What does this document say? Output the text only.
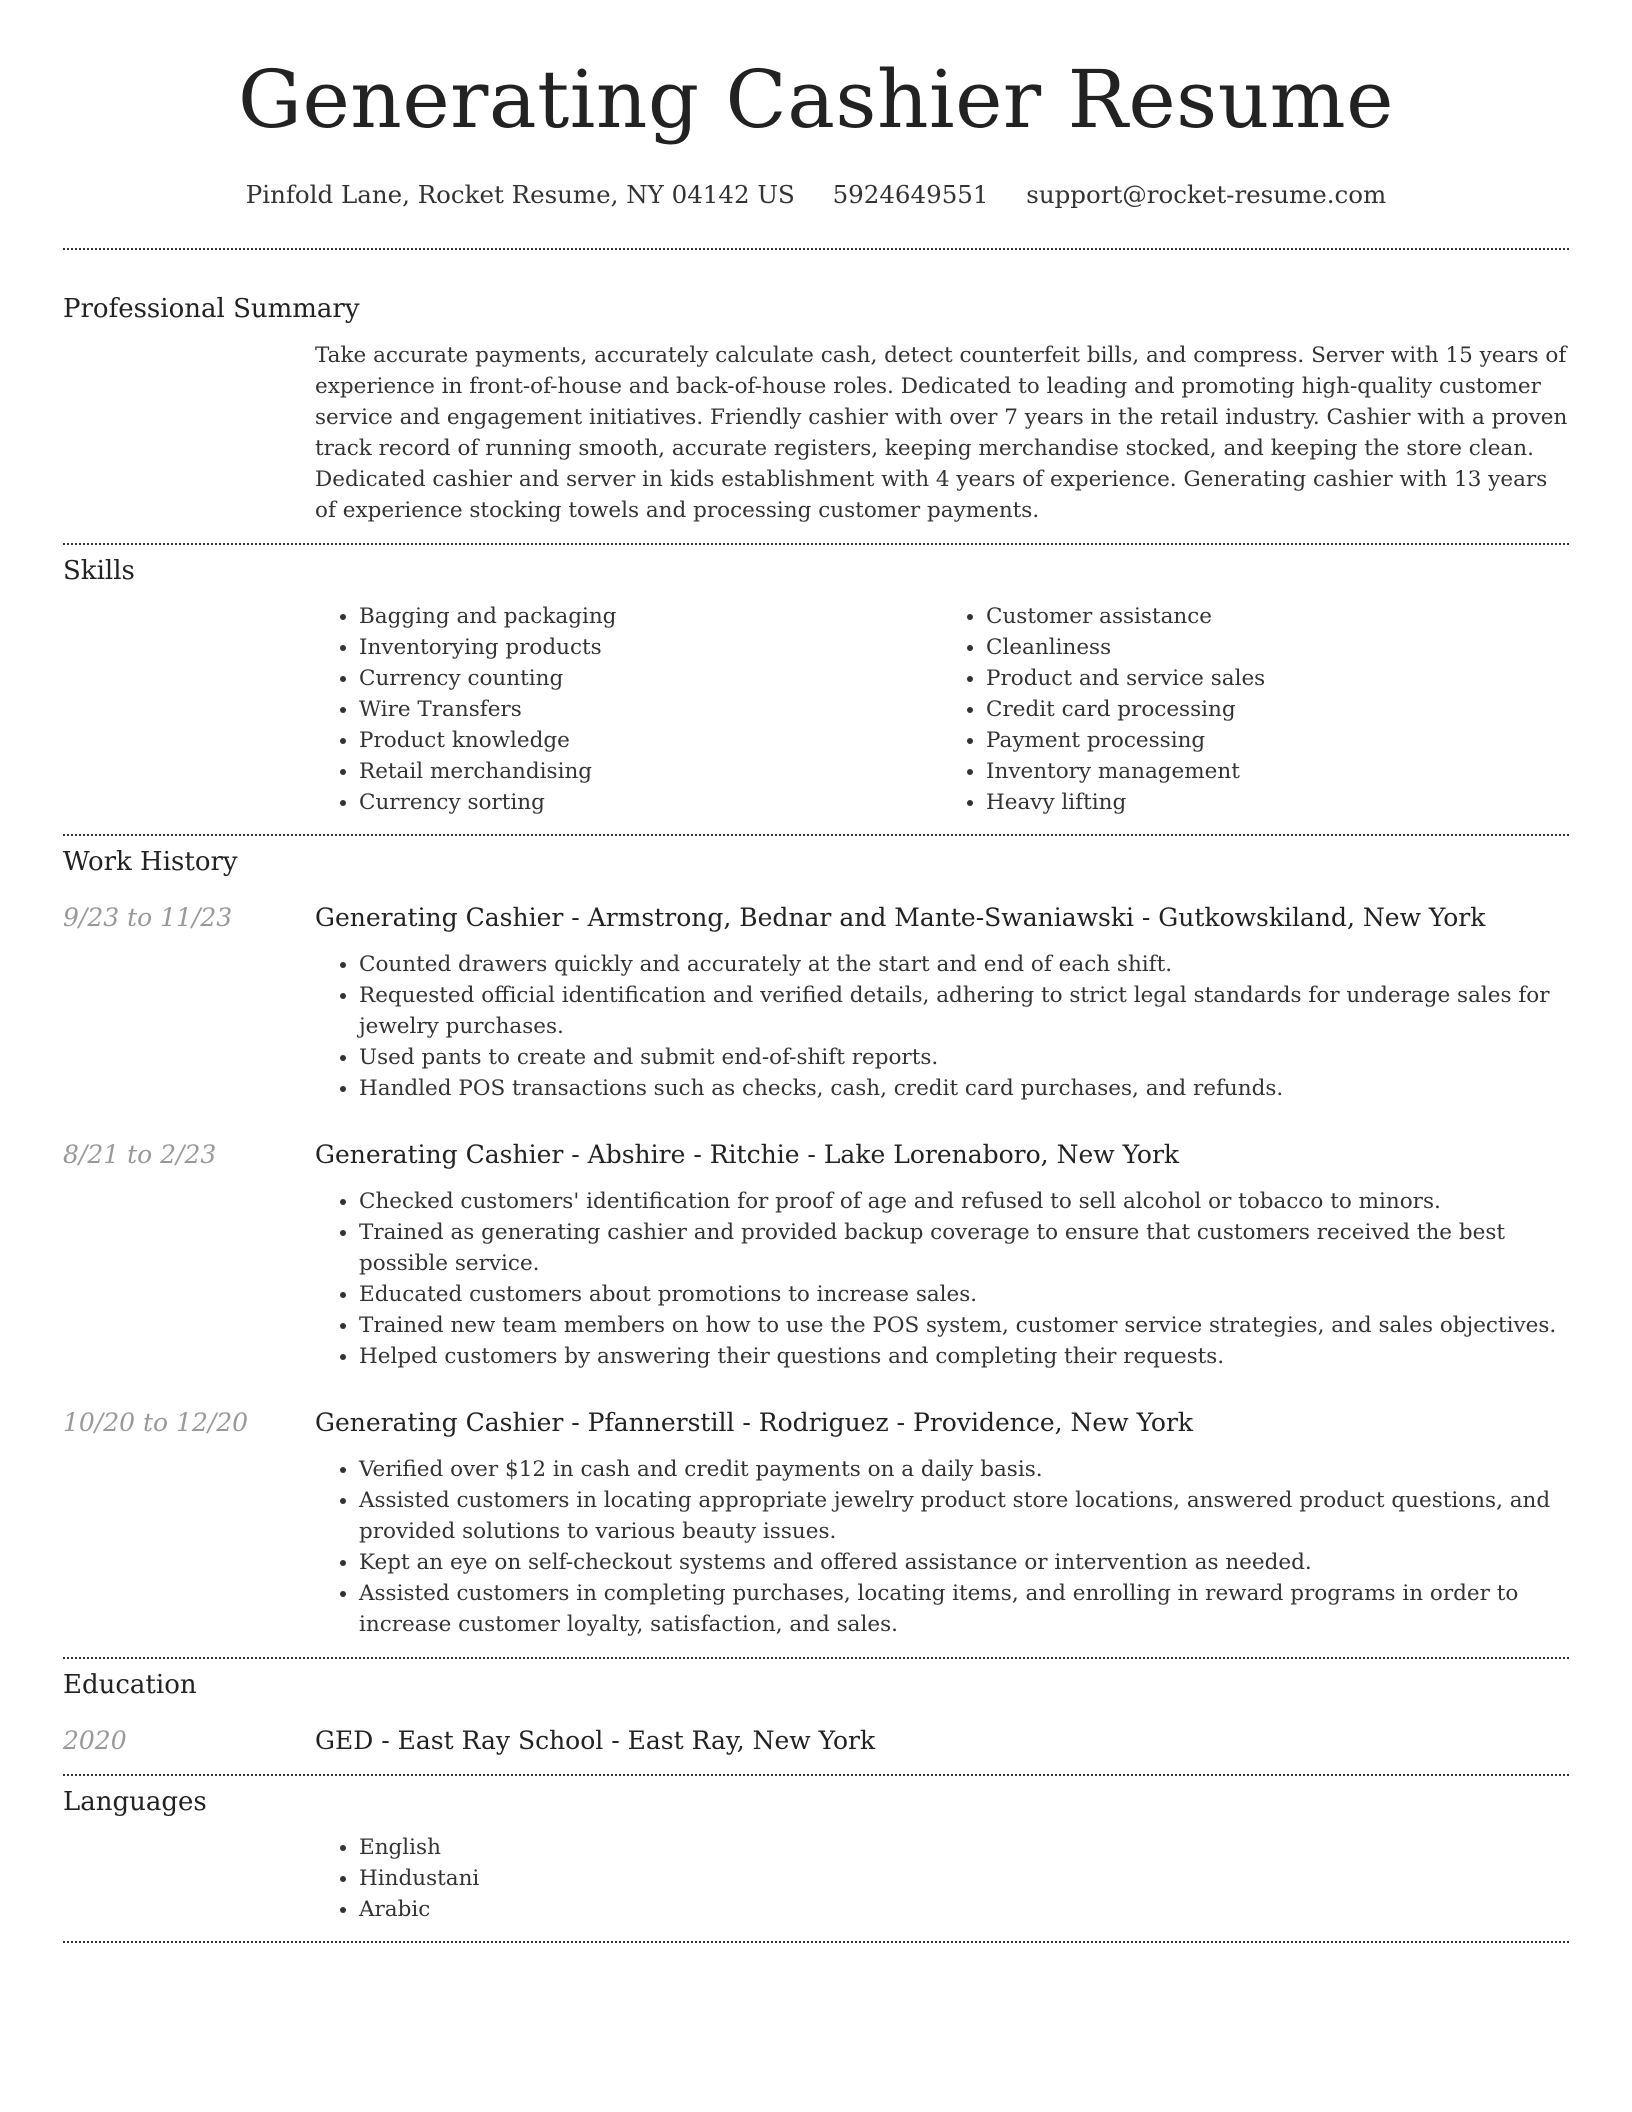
Generating Cashier Resume
Pinfold Lane, Rocket Resume, NY 04142 US 5924649551 support@rocket-resume.com
Professional Summary

Take accurate payments, accurately calculate cash, detect counterfeit bills, and compress. Server with 15 years of experience in front-of-house and back-of-house roles. Dedicated to leading and promoting high-quality customer service and engagement initiatives. Friendly cashier with over 7 years in the retail industry. Cashier with a proven track record of running smooth, accurate registers, keeping merchandise stocked, and keeping the store clean. Dedicated cashier and server in kids establishment with 4 years of experience. Generating cashier with 13 years of experience stocking towels and processing customer payments.

Skills
• Bagging and packaging
• Inventorying products
• Currency counting
• Wire Transfers
• Product knowledge
• Retail merchandising
• Currency sorting
• Customer assistance
• Cleanliness
• Product and service sales
• Credit card processing
• Payment processing
• Inventory management
• Heavy lifting
Work History
9/23 to 11/23	Generating Cashier - Armstrong, Bednar and Mante-Swaniawski - Gutkowskiland, New York
• Counted drawers quickly and accurately at the start and end of each shift.
• Requested official identification and verified details, adhering to strict legal standards for underage sales for jewelry purchases.
• Used pants to create and submit end-of-shift reports.
• Handled POS transactions such as checks, cash, credit card purchases, and refunds.
8/21 to 2/23	Generating Cashier - Abshire - Ritchie - Lake Lorenaboro, New York
• Checked customers' identification for proof of age and refused to sell alcohol or tobacco to minors.
• Trained as generating cashier and provided backup coverage to ensure that customers received the best possible service.
• Educated customers about promotions to increase sales.
• Trained new team members on how to use the POS system, customer service strategies, and sales objectives.
• Helped customers by answering their questions and completing their requests.
10/20 to 12/20	Generating Cashier - Pfannerstill - Rodriguez - Providence, New York
• Verified over $12 in cash and credit payments on a daily basis.
• Assisted customers in locating appropriate jewelry product store locations, answered product questions, and provided solutions to various beauty issues.
• Kept an eye on self-checkout systems and offered assistance or intervention as needed.
• Assisted customers in completing purchases, locating items, and enrolling in reward programs in order to increase customer loyalty, satisfaction, and sales.
Education
2020	GED - East Ray School - East Ray, New York
Languages
• English
• Hindustani
• Arabic
